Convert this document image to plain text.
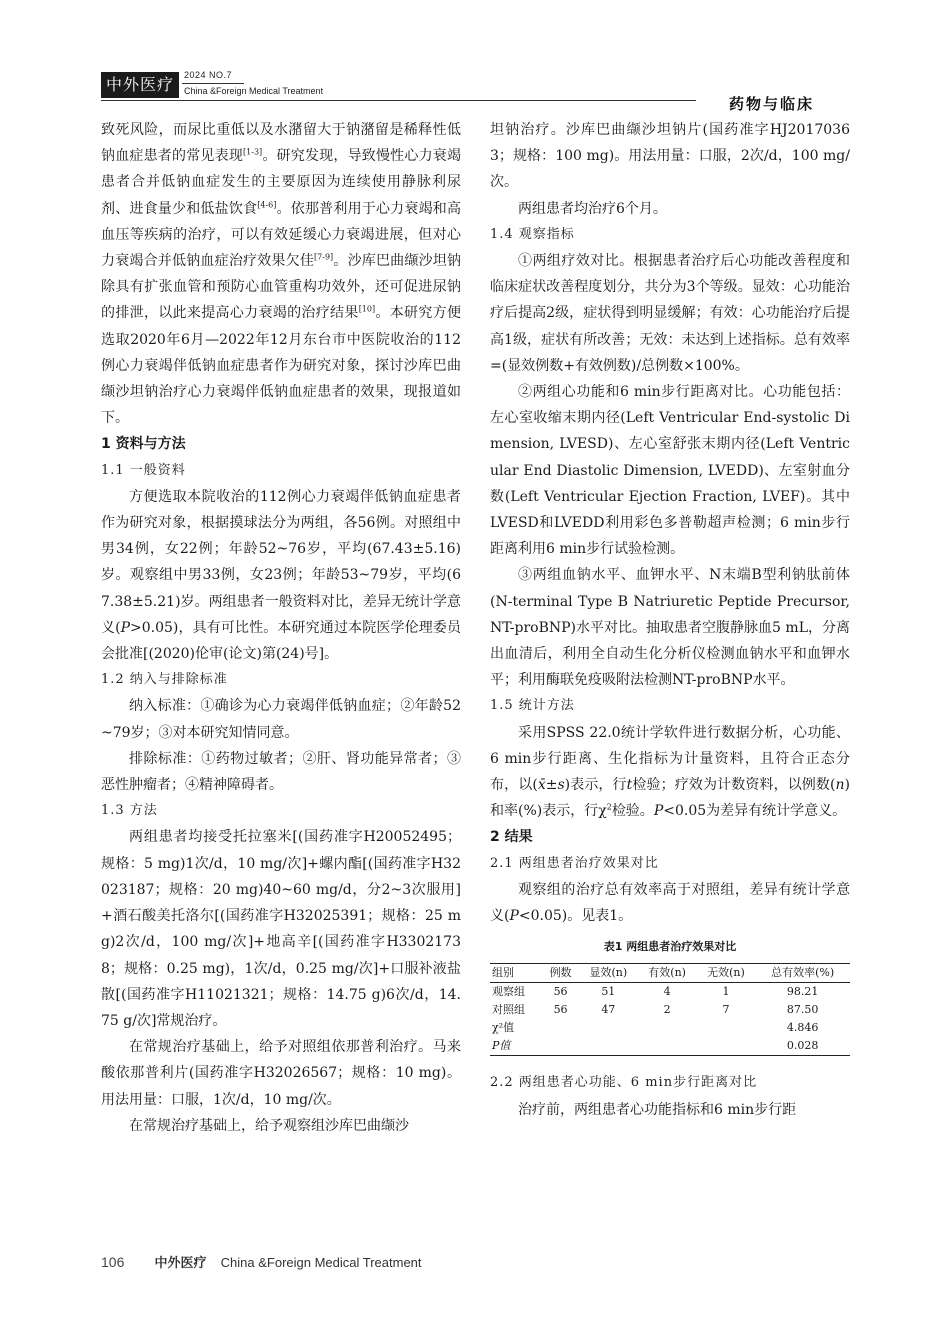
中外医疗	2024 NO.7
China &Foreign Medical Treatment
药物与临床

致死风险，而尿比重低以及水潴留大于钠潴留是稀释性低钠血症患者的常见表现[1-3]。研究发现，导致慢性心力衰竭患者合并低钠血症发生的主要原因为连续使用静脉利尿剂、进食量少和低盐饮食[4-6]。依那普利用于心力衰竭和高血压等疾病的治疗，可以有效延缓心力衰竭进展，但对心力衰竭合并低钠血症治疗效果欠佳[7-9]。沙库巴曲缬沙坦钠除具有扩张血管和预防心血管重构功效外，还可促进尿钠的排泄，以此来提高心力衰竭的治疗结果[10]。本研究方便选取2020年6月—2022年12月东台市中医院收治的112例心力衰竭伴低钠血症患者作为研究对象，探讨沙库巴曲缬沙坦钠治疗心力衰竭伴低钠血症患者的效果，现报道如下。

1 资料与方法

1.1 一般资料

方便选取本院收治的112例心力衰竭伴低钠血症患者作为研究对象，根据摸球法分为两组，各56例。对照组中男34例，女22例；年龄52~76岁，平均(67.43±5.16)岁。观察组中男33例，女23例；年龄53~79岁，平均(67.38±5.21)岁。两组患者一般资料对比，差异无统计学意义(P>0.05)，具有可比性。本研究通过本院医学伦理委员会批准[(2020)伦审(论文)第(24)号]。

1.2 纳入与排除标准

纳入标准：①确诊为心力衰竭伴低钠血症；②年龄52~79岁；③对本研究知情同意。

排除标准：①药物过敏者；②肝、肾功能异常者；③恶性肿瘤者；④精神障碍者。

1.3 方法

两组患者均接受托拉塞米[(国药准字H20052495；规格：5 mg)1次/d，10 mg/次]+螺内酯[(国药准字H32023187；规格：20 mg)40~60 mg/d，分2~3次服用]+酒石酸美托洛尔[(国药准字H32025391；规格：25 mg)2次/d，100 mg/次]+地高辛[(国药准字H33021738；规格：0.25 mg)，1次/d，0.25 mg/次]+口服补液盐散[(国药准字H11021321；规格：14.75 g)6次/d，14.75 g/次]常规治疗。

在常规治疗基础上，给予对照组依那普利治疗。马来酸依那普利片(国药准字H32026567；规格：10 mg)。用法用量：口服，1次/d，10 mg/次。

在常规治疗基础上，给予观察组沙库巴曲缬沙

坦钠治疗。沙库巴曲缬沙坦钠片(国药准字HJ20170363；规格：100 mg)。用法用量：口服，2次/d，100 mg/次。

两组患者均治疗6个月。

1.4 观察指标

①两组疗效对比。根据患者治疗后心功能改善程度和临床症状改善程度划分，共分为3个等级。显效：心功能治疗后提高2级，症状得到明显缓解；有效：心功能治疗后提高1级，症状有所改善；无效：未达到上述指标。总有效率=(显效例数+有效例数)/总例数×100%。

②两组心功能和6 min步行距离对比。心功能包括：左心室收缩末期内径(Left Ventricular End-systolic Dimension, LVESD)、左心室舒张末期内径(Left Ventricular End Diastolic Dimension, LVEDD)、左室射血分数(Left Ventricular Ejection Fraction, LVEF)。其中LVESD和LVEDD利用彩色多普勒超声检测；6 min步行距离利用6 min步行试验检测。

③两组血钠水平、血钾水平、N末端B型利钠肽前体(N-terminal Type B Natriuretic Peptide Precursor, NT-proBNP)水平对比。抽取患者空腹静脉血5 mL，分离出血清后，利用全自动生化分析仪检测血钠水平和血钾水平；利用酶联免疫吸附法检测NT-proBNP水平。

1.5 统计方法

采用SPSS 22.0统计学软件进行数据分析，心功能、6 min步行距离、生化指标为计量资料，且符合正态分布，以(x̄±s)表示，行t检验；疗效为计数资料，以例数(n)和率(%)表示，行$\chi^2$检验。P<0.05为差异有统计学意义。

2 结果

2.1 两组患者治疗效果对比

观察组的治疗总有效率高于对照组，差异有统计学意义(P<0.05)。见表1。

表1 两组患者治疗效果对比
组别	例数	显效(n)	有效(n)	无效(n)	总有效率(%)
观察组	56	51	4	1	98.21
对照组	56	47	2	7	87.50
χ²值					4.846
P值					0.028

2.2 两组患者心功能、6 min步行距离对比

治疗前，两组患者心功能指标和6 min步行距

106 中外医疗 China &Foreign Medical Treatment
